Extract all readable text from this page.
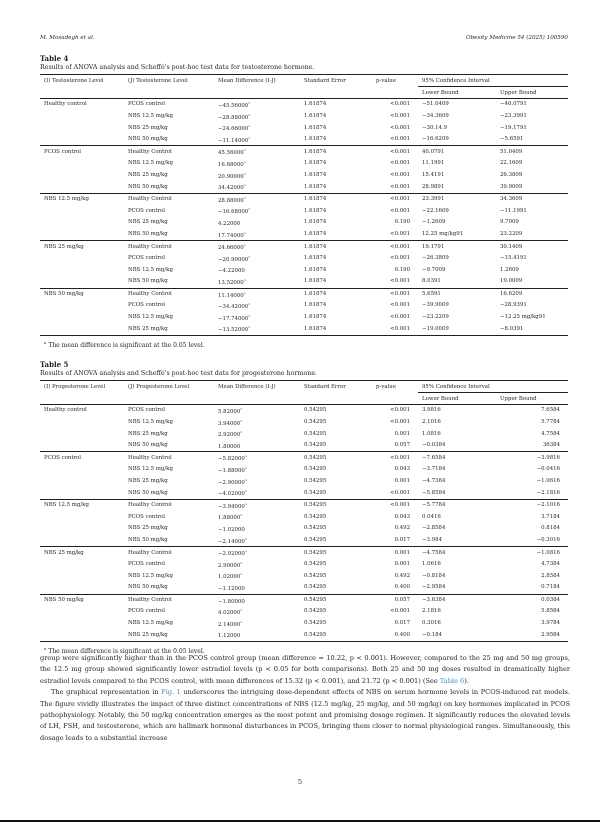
M. Mosadegh et al.	Obesity Medicine 54 (2025) 100590
Table 4
Results of ANOVA analysis and Scheffé's post-hoc test data for testosterone hormone.
(I) Testosterone Level	(J) Testosterone Level	Mean Difference (I-J)	Standard Error	p-value	95% Confidence Interval	
					Lower Bound	Upper Bound
Healthy control	PCOS control	−45.56000$^a$	1.61874	<0.001	−51.0409	−40.0791
	NBS 12.5 mg/kg	−28.88000$^a$	1.61874	<0.001	−34.3609	−23.3991
	NBS 25 mg/kg	−24.66000$^a$	1.61874	<0.001	−30.14.9	−19.1791
	NBS 50 mg/kg	−11.14000$^a$	1.61874	<0.001	−16.6209	−5.6591
PCOS control	Healthy Control	45.56000$^a$	1.61874	<0.001	40.0791	51.0409
	NBS 12.5 mg/kg	16.68000$^a$	1.61874	<0.001	11.1991	22.1609
	NBS 25 mg/kg	20.90000$^a$	1.61874	<0.001	15.4191	26.3809
	NBS 50 mg/kg	34.42000$^a$	1.61874	<0.001	28.9891	39.9009
NBS 12.5 mg/kg	Healthy Control	28.88000$^a$	1.61874	<0.001	23.3991	34.3609
	PCOS control	−16.68000$^a$	1.61874	<0.001	−22.1609	−11.1991
	NBS 25 mg/kg	4.22000	1.61874	0.190	−1.2609	9.7009
	NBS 50 mg/kg	17.74000$^a$	1.61874	<0.001	12.25 mg/kg91	23.2209
NBS 25 mg/kg	Healthy Control	24.66000$^a$	1.61874	<0.001	19.1791	30.1409
	PCOS control	−20.90000$^a$	1.61874	<0.001	−26.3809	−15.4191
	NBS 12.5 mg/kg	−4.22000	1.61874	0.190	−9.7009	1.2609
	NBS 50 mg/kg	13.52000$^a$	1.61874	<0.001	8.0391	19.0009
NBS 50 mg/kg	Healthy Control	11.14000$^a$	1.61874	<0.001	5.6591	16.6209
	PCOS control	−34.42000$^a$	1.61874	<0.001	−39.9009	−28.9391
	NBS 12.5 mg/kg	−17.74000$^a$	1.61874	<0.001	−23.2209	−12.25 mg/kg91
	NBS 25 mg/kg	−13.52000$^a$	1.61874	<0.001	−19.0009	−8.0391
$^a$ The mean difference is significant at the 0.05 level.
Table 5
Results of ANOVA analysis and Scheffé's post-hoc test data for progesterone hormone.
(I) Progesterone Level	(J) Progesterone Level	Mean Difference (I-J)	Standard Error	p-value	95% Confidence Interval	
					Lower Bound	Upper Bound
Healthy control	PCOS control	5.82000$^a$	0.54295	<0.001	3.9816	7.6584
	NBS 12.5 mg/kg	3.94000$^a$	0.54295	<0.001	2.1016	5.7784
	NBS 25 mg/kg	2.92000$^a$	0.54295	0.001	1.0816	4.7584
	NBS 50 mg/kg	1.80000	0.54295	0.057	−0.0384	36384
PCOS control	Healthy Control	−5.82000$^a$	0.54295	<0.001	−7.6584	−3.9816
	NBS 12.5 mg/kg	−1.88000$^a$	0.54295	0.043	−3.7184	−0.0416
	NBS 25 mg/kg	−2.90000$^a$	0.54295	0.001	−4.7384	−1.0616
	NBS 50 mg/kg	−4.02000$^a$	0.54295	<0.001	−5.8584	−2.1816
NBS 12.5 mg/kg	Healthy Control	−3.94000$^a$	0.54295	<0.001	−5.7784	−2.1016
	PCOS control	1.88000$^a$	0.54295	0.043	0.0416	3.7184
	NBS 25 mg/kg	−1.02000	0.54295	0.492	−2.8584	0.8184
	NBS 50 mg/kg	−2.14000$^a$	0.54295	0.017	−3.984	−0.3016
NBS 25 mg/kg	Healthy Control	−2.92000$^a$	0.54295	0.001	−4.7584	−1.0816
	PCOS control	2.90000$^a$	0.54295	0.001	1.0616	4.7384
	NBS 12.5 mg/kg	1.02000$^a$	0.54295	0.492	−0.8184	2.8584
	NBS 50 mg/kg	−1.12000	0.54295	0.400	−2.9584	0.7184
NBS 50 mg/kg	Healthy Control	−1.80000	0.54295	0.057	−3.6384	0.0384
	PCOS control	4.02000$^a$	0.54295	<0.001	2.1816	5.8584
	NBS 12.5 mg/kg	2.14000$^a$	0.54295	0.017	0.3016	3.9784
	NBS 25 mg/kg	1.12000	0.54295	0.400	−0.184	2.9584
$^a$ The mean difference is significant at the 0.05 level.

group were significantly higher than in the PCOS control group (mean difference = 10.22, p < 0.001). However, compared to the 25 mg and 50 mg groups, the 12.5 mg group showed significantly lower estradiol levels (p < 0.05 for both comparisons). Both 25 and 50 mg doses resulted in dramatically higher estradiol levels compared to the PCOS control, with mean differences of 15.32 (p < 0.001), and 21.72 (p < 0.001) (See Table 6).

The graphical representation in Fig. 1 underscores the intriguing dose-dependent effects of NBS on serum hormone levels in PCOS-induced rat models. The figure vividly illustrates the impact of three distinct concentrations of NBS (12.5 mg/kg, 25 mg/kg, and 50 mg/kg) on key hormones implicated in PCOS pathophysiology. Notably, the 50 mg/kg concentration emerges as the most potent and promising dosage regimen. It significantly reduces the elevated levels of LH, FSH, and testosterone, which are hallmark hormonal disturbances in PCOS, bringing them closer to normal physiological ranges. Simultaneously, this dosage leads to a substantial increase

5
